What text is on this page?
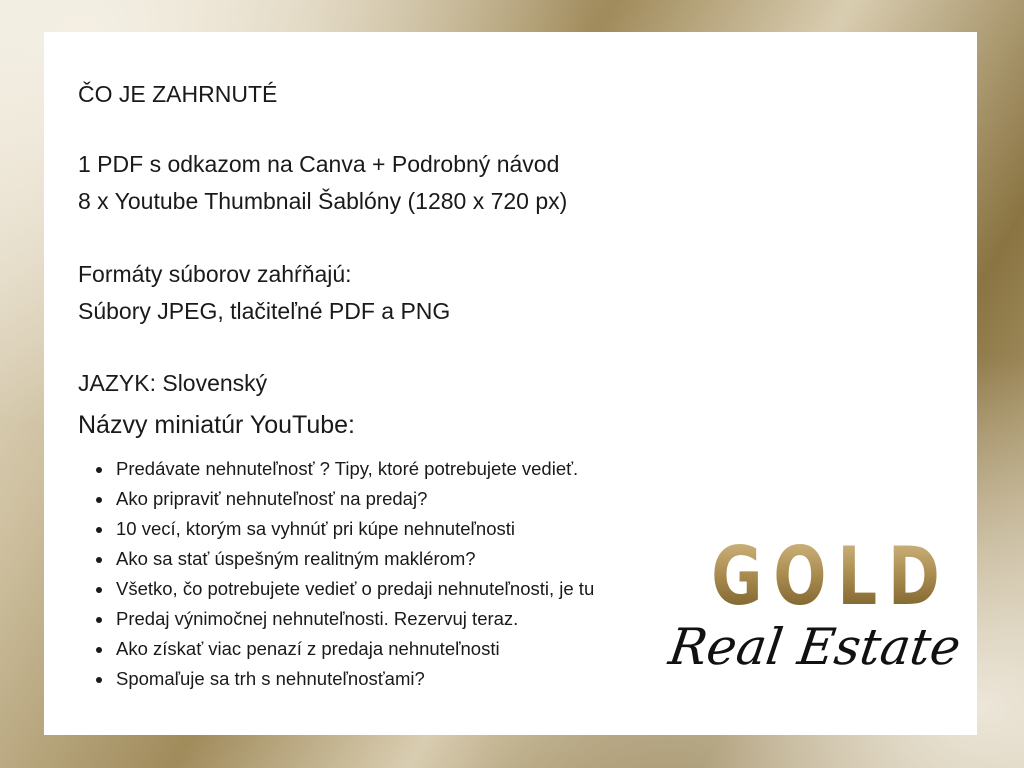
ČO JE ZAHRNUTÉ
1 PDF s odkazom na Canva + Podrobný návod
8 x Youtube Thumbnail Šablóny (1280 x 720 px)
Formáty súborov zahŕňajú:
Súbory JPEG, tlačiteľné PDF a PNG
JAZYK: Slovenský
Názvy miniatúr YouTube:
• Predávate nehnuteľnosť ? Tipy, ktoré potrebujete vedieť.
• Ako pripraviť nehnuteľnosť na predaj?
• 10 vecí, ktorým sa vyhnúť pri kúpe nehnuteľnosti
• Ako sa stať úspešným realitným maklérom?
• Všetko, čo potrebujete vedieť o predaji nehnuteľnosti, je tu
• Predaj výnimočnej nehnuteľnosti. Rezervuj teraz.
• Ako získať viac penazí z predaja nehnuteľnosti
• Spomaľuje sa trh s nehnuteľnosťami?
GOLD
Real Estate
